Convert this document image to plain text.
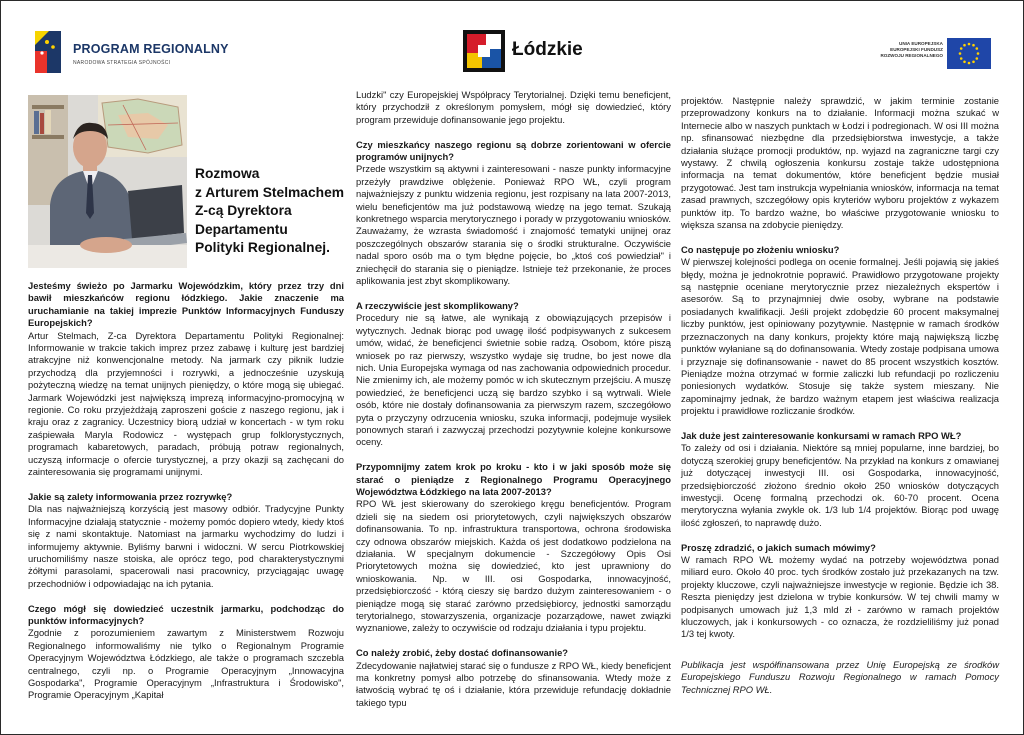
PROGRAM REGIONALNY
NARODOWA STRATEGIA SPÓJNOŚCI
Łódzkie	UNIA EUROPEJSKA
EUROPEJSKI FUNDUSZ
ROZWOJU REGIONALNEGO
Rozmowa
z Arturem Stelmachem
Z-cą Dyrektora
Departamentu
Polityki Regionalnej.

Jesteśmy świeżo po Jarmarku Wojewódzkim, który przez trzy dni bawił mieszkańców regionu łódzkiego. Jakie znaczenie ma uruchamianie na takiej imprezie Punktów Informacyjnych Funduszy Europejskich?

Artur Stelmach, Z-ca Dyrektora Departamentu Polityki Regionalnej: Informowanie w trakcie takich imprez przez zabawę i kulturę jest bardziej atrakcyjne niż konwencjonalne metody. Na jarmark czy piknik ludzie przychodzą dla przyjemności i rozrywki, a jednocześnie uzyskują pożyteczną wiedzę na temat unijnych pieniędzy, o które mogą się ubiegać. Jarmark Wojewódzki jest największą imprezą informacyjno-promocyjną w regionie. Co roku przyjeżdżają zaproszeni goście z naszego regionu, jak i kraju oraz z zagranicy. Uczestnicy biorą udział w koncertach - w tym roku zaśpiewała Maryla Rodowicz - występach grup folklorystycznych, programach kabaretowych, paradach, próbują potraw regionalnych, uczyszą informacje o ofercie turystycznej, a przy okazji są zachęcani do zainteresowania się programami unijnymi.

Jakie są zalety informowania przez rozrywkę?

Dla nas najważniejszą korzyścią jest masowy odbiór. Tradycyjne Punkty Informacyjne działają statycznie - możemy pomóc dopiero wtedy, kiedy ktoś się z nami skontaktuje. Natomiast na jarmarku wychodzimy do ludzi i informujemy aktywnie. Byliśmy barwni i widoczni. W sercu Piotrkowskiej uruchomiliśmy nasze stoiska, ale oprócz tego, pod charakterystycznymi żółtymi parasolami, spacerowali nasi pracownicy, przyciągając uwagę przechodniów i odpowiadając na ich pytania.

Czego mógł się dowiedzieć uczestnik jarmarku, podchodząc do punktów informacyjnych?

Zgodnie z porozumieniem zawartym z Ministerstwem Rozwoju Regionalnego informowaliśmy nie tylko o Regionalnym Programie Operacyjnym Województwa Łódzkiego, ale także o programach szczebla centralnego, czyli np. o Programie Operacyjnym „Innowacyjna Gospodarka", Programie Operacyjnym „Infrastruktura i Środowisko", Programie Operacyjnym „Kapitał

Ludzki" czy Europejskiej Współpracy Terytorialnej. Dzięki temu beneficjent, który przychodził z określonym pomysłem, mógł się dowiedzieć, który program przewiduje dofinansowanie jego projektu.

Czy mieszkańcy naszego regionu są dobrze zorientowani w ofercie programów unijnych?

Przede wszystkim są aktywni i zainteresowani - nasze punkty informacyjne przeżyły prawdziwe oblężenie. Ponieważ RPO WŁ, czyli program najważniejszy z punktu widzenia regionu, jest rozpisany na lata 2007-2013, wielu beneficjentów ma już podstawową wiedzę na jego temat. Szukają konkretnego wsparcia merytorycznego i porady w przygotowaniu wniosków. Zauważamy, że wzrasta świadomość i znajomość tematyki unijnej oraz poszczególnych obszarów starania się o środki strukturalne. Oczywiście nadal sporo osób ma o tym błędne pojęcie, bo „ktoś coś powiedział" i zniechęcił do starania się o pieniądze. Istnieje też przekonanie, że proces aplikowania jest zbyt skomplikowany.

A rzeczywiście jest skomplikowany?

Procedury nie są łatwe, ale wynikają z obowiązujących przepisów i wytycznych. Jednak biorąc pod uwagę ilość podpisywanych z sukcesem umów, widać, że beneficjenci świetnie sobie radzą. Osobom, które piszą wniosek po raz pierwszy, wszystko wydaje się trudne, bo jest nowe dla nich. Unia Europejska wymaga od nas zachowania odpowiednich procedur. Nie zmienimy ich, ale możemy pomóc w ich skutecznym przejściu. A muszę powiedzieć, że beneficjenci uczą się bardzo szybko i są wytrwali. Wiele osób, które nie dostały dofinansowania za pierwszym razem, szczegółowo pyta o przyczyny odrzucenia wniosku, szuka informacji, podejmuje wysiłek ponownych starań i zazwyczaj przechodzi pozytywnie kolejne konkursowe oceny.

Przypomnijmy zatem krok po kroku - kto i w jaki sposób może się starać o pieniądze z Regionalnego Programu Operacyjnego Województwa Łódzkiego na lata 2007-2013?

RPO WŁ jest skierowany do szerokiego kręgu beneficjentów. Program dzieli się na siedem osi priorytetowych, czyli największych obszarów dofinansowania. To np. infrastruktura transportowa, ochrona środowiska czy odnowa obszarów miejskich. Każda oś jest dodatkowo podzielona na działania. W specjalnym dokumencie - Szczegółowy Opis Osi Priorytetowych można się dowiedzieć, kto jest uprawniony do wnioskowania. Np. w III. osi Gospodarka, innowacyjność, przedsiębiorczość - którą cieszy się bardzo dużym zainteresowaniem - o pieniądze mogą się starać zarówno przedsiębiorcy, jednostki samorządu terytorialnego, stowarzyszenia, organizacje pozarządowe, nawet związki wyznaniowe, zależy to oczywiście od rodzaju działania i typu projektu.

Co należy zrobić, żeby dostać dofinansowanie?

Zdecydowanie najłatwiej starać się o fundusze z RPO WŁ, kiedy beneficjent ma konkretny pomysł albo potrzebę do sfinansowania. Wtedy może z łatwością wybrać tę oś i działanie, która przewiduje refundację dokładnie takiego typu

projektów. Następnie należy sprawdzić, w jakim terminie zostanie przeprowadzony konkurs na to działanie. Informacji można szukać w Internecie albo w naszych punktach w Łodzi i podregionach. W osi III można np. sfinansować niezbędne dla przedsiębiorstwa inwestycje, a także działania służące promocji produktów, np. wyjazd na zagraniczne targi czy wystawy. Z chwilą ogłoszenia konkursu zostaje także udostępniona informacja na temat dokumentów, które beneficjent będzie musiał przygotować. Jest tam instrukcja wypełniania wniosków, informacja na temat zasad prawnych, szczegółowy opis kryteriów wyboru projektów z wykazem punktów itp. To bardzo ważne, bo właściwe przygotowanie wniosku to większa szansa na zdobycie pieniędzy.

Co następuje po złożeniu wniosku?

W pierwszej kolejności podlega on ocenie formalnej. Jeśli pojawią się jakieś błędy, można je jednokrotnie poprawić. Prawidłowo przygotowane projekty są następnie oceniane merytorycznie przez niezależnych ekspertów i asesorów. Są to przynajmniej dwie osoby, wybrane na podstawie posiadanych kwalifikacji. Jeśli projekt zdobędzie 60 procent maksymalnej liczby punktów, jest opiniowany pozytywnie. Następnie w ramach środków przeznaczonych na dany konkurs, projekty które mają największą liczbę punktów wyłaniane są do dofinansowania. Wtedy zostaje podpisana umowa i przyznaje się dofinansowanie - nawet do 85 procent wszystkich kosztów. Pieniądze można otrzymać w formie zaliczki lub refundacji po rozliczeniu poniesionych wydatków. Stosuje się także system mieszany. Nie zapominajmy jednak, że bardzo ważnym etapem jest właściwa realizacja projektu i prawidłowe rozliczanie środków.

Jak duże jest zainteresowanie konkursami w ramach RPO WŁ?

To zależy od osi i działania. Niektóre są mniej popularne, inne bardziej, bo dotyczą szerokiej grupy beneficjentów. Na przykład na konkurs z omawianej już dotyczącej inwestycji III. osi Gospodarka, innowacyjność, przedsiębiorczość złożono średnio około 250 wniosków dotyczących inwestycji. Ocenę formalną przechodzi ok. 60-70 procent. Ocena merytoryczna wyłania zwykle ok. 1/3 lub 1/4 projektów. Biorąc pod uwagę ilość zgłoszeń, to naprawdę dużo.

Proszę zdradzić, o jakich sumach mówimy?

W ramach RPO WŁ możemy wydać na potrzeby województwa ponad miliard euro. Około 40 proc. tych środków zostało już przekazanych na tzw. projekty kluczowe, czyli najważniejsze inwestycje w regionie. Będzie ich 38. Reszta pieniędzy jest dzielona w trybie konkursów. W tej chwili mamy w podpisanych umowach już 1,3 mld zł - zarówno w ramach projektów kluczowych, jak i konkursowych - co oznacza, że rozdzieliliśmy już ponad 1/3 tej kwoty.

Publikacja jest współfinansowana przez Unię Europejską ze środków Europejskiego Funduszu Rozwoju Regionalnego w ramach Pomocy Technicznej RPO WŁ.
